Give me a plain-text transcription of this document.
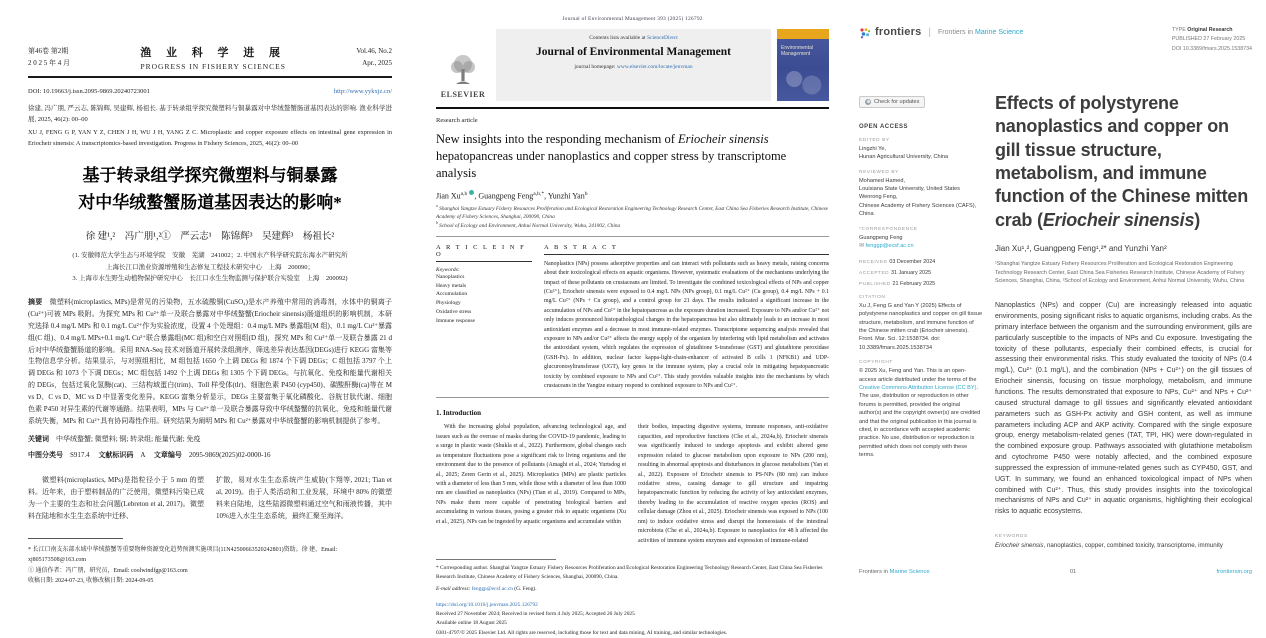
第46卷 第2期
2 0 2 5 年 4 月
渔 业 科 学 进 展
PROGRESS IN FISHERY SCIENCES
Vol.46, No.2
Apr., 2025
DOI: 10.19663/j.issn.2095-9869.20240723001	http://www.yykxjz.cn/
徐建, 冯广朋, 严云志, 陈锦辉, 吴建辉, 杨祖长. 基于转录组学探究微塑料与铜暴露对中华绒螯蟹肠道基因表达的影响. 渔业科学进展, 2025, 46(2): 00–00
XU J, FENG G P, YAN Y Z, CHEN J H, WU J H, YANG Z C. Microplastic and copper exposure effects on intestinal gene expression in Eriocheir sinensis: A transcriptomics-based investigation. Progress in Fishery Sciences, 2025, 46(2): 00–00
基于转录组学探究微塑料与铜暴露
对中华绒螯蟹肠道基因表达的影响*
徐 建¹,²　冯广朋¹,²①　严云志¹　陈锦辉³　吴建辉³　杨祖长²
(1. 安徽师范大学生态与环境学院　安徽　芜湖　241002；2. 中国水产科学研究院东海水产研究所
上海长江口渔业资源增殖和生态修复工程技术研究中心　上海　200090；
3. 上海市水生野生动植物保护研究中心　长江口水生生物监测与保护联合实验室　上海　200092)
摘要　 微塑料(microplastics, MPs)是常见的污染物，五水硫酸铜(CuSO₄)是水产养殖中常用的消毒剂，水体中的铜离子(Cu²⁺)可被 MPs 吸附。为探究 MPs 和 Cu²⁺单一及联合暴露对中华绒螯蟹(Eriocheir sinensis)肠道组织的影响机制，本研究选择 0.4 mg/L MPs 和 0.1 mg/L Cu²⁺作为实验浓度，设置 4 个处理组：0.4 mg/L MPs 暴露组(M 组)、0.1 mg/L Cu²⁺暴露组(C 组)、0.4 mg/L MPs+0.1 mg/L Cu²⁺联合暴露组(MC 组)和空白对照组(D 组)，探究 MPs 和 Cu²⁺单一及联合暴露 21 d 后对中华绒螯蟹肠道的影响。采用 RNA-Seq 技术对肠道开展转录组测序，筛选差异表达基因(DEGs)进行 KEGG 富集等生物信息学分析。结果显示，与对照组相比，M 组包括 1650 个上调 DEGs 和 1874 个下调 DEGs；C 组包括 3797 个上调 DEGs 和 1073 个下调 DEGs；MC 组包括 1492 个上调 DEGs 和 1305 个下调 DEGs。与抗氧化、免疫和能量代谢相关的 DEGs，包括过氧化氢酶(cat)、三结构域蛋白(trim)、Toll 样受体(tlr)、细胞色素 P450 (cyp450)、碳酸酐酶(ca)等在 M vs D、C vs D、MC vs D 中显著变化差异。KEGG 富集分析显示，DEGs 主要富集于氧化磷酸化、谷胱甘肽代谢、细胞色素 P450 对异生素的代谢等通路。结果表明，MPs 与 Cu²⁺单一及联合暴露导致中华绒螯蟹的抗氧化、免疫和能量代谢系统失衡，MPs 和 Cu²⁺具有协同毒性作用。研究结果为阐明 MPs 和 Cu²⁺暴露对中华绒螯蟹的影响机制提供了参考。
关键词　 中华绒螯蟹; 微塑料; 铜; 转录组; 能量代谢; 免疫
中图分类号　 S917.4　 文献标识码　 A　 文章编号　 2095-9869(2025)02-0000-16
微塑料(microplastics, MPs)是指粒径小于 5 mm 的塑料。近年来，由于塑料制品的广泛使用，微塑料污染已成为一个主要的生态和社会问题(Lebreton et al, 2017)。微塑料在陆地和水生生态系统中迁移、
扩散，易对水生生态系统产生威胁(卞翔等, 2021; Tian et al, 2019)。由于人类活动和工业发展，环境中 80% 的微塑料来自陆地，这些陆源微塑料通过空气和雨液传播，其中 10%进入水生生态系统，最终汇聚至海洋。
* 长江口南支东部水域中华绒螯蟹等重要物种资源变化趋势预测实施项目(11N42500663520242801)资助。徐 建，Email: xj805173508@163.com
① 通信作者：冯广朋，研究员，Email: coolwindfgp@163.com
收稿日期: 2024-07-23, 收修改稿日期: 2024-09-05
Journal of Environmental Management 393 (2025) 126792
ELSEVIER
Contents lists available at ScienceDirect
Journal of Environmental Management
journal homepage: www.elsevier.com/locate/jenvman
Environmental Management
Research article
New insights into the responding mechanism of Eriocheir sinensis hepatopancreas under nanoplastics and copper stress by transcriptome analysis
Jian Xu$^{a,b}$ , Guangpeng Feng$^{a,b,*}$, Yunzhi Yan$^b$
$^a$ Shanghai Yangtze Estuary Fishery Resources Proliferation and Ecological Restoration Engineering Technology Research Center, East China Sea Fisheries Research Institute, Chinese Academy of Fishery Sciences, Shanghai, 200090, China
$^b$ School of Ecology and Environment, Anhui Normal University, Wuhu, 241002, China
A R T I C L E I N F O
Keywords:
Nanoplastics
Heavy metals
Accumulation
Physiology
Oxidative stress
Immune response
A B S T R A C T
Nanoplastics (NPs) possess adsorptive properties and can interact with pollutants such as heavy metals, raising concerns about their toxicological effects on aquatic organisms. However, systematic evaluations of the mechanisms underlying the impact of these pollutants on crustaceans are limited. To investigate the combined toxicological effects of NPs and copper (Cu²⁺), Eriocheir sinensis were exposed to 0.4 mg/L NPs (NPs group), 0.1 mg/L Cu²⁺ (Cu group), 0.4 mg/L NPs + 0.1 mg/L Cu²⁺ (NPs + Cu group), and a control group for 21 days. The results indicated a significant increase in the accumulation of NPs and Cu²⁺ in the hepatopancreas as the exposure duration increased. Exposure to NPs and/or Cu²⁺ not only induces pronounced histopathological changes in the hepatopancreas but also ultimately leads to an increase in most antioxidant enzymes and a decrease in most immune-related enzymes. Transcriptome sequencing analysis revealed that exposure to NPs and/or Cu²⁺ affects the energy supply of the organism by interfering with lipid metabolism and activates the antioxidant system, which regulates the expression of glutathione S-transferase (GST) and glutathione peroxidase (GSH-Px). In addition, nuclear factor kappa-light-chain-enhancer of activated B cells 1 (NFKB1) and UDP-glucuronosyltransferase (UGT), key genes in the immune system, play a crucial role in mitigating hepatopancreatic toxicity by combined exposure to NPs and Cu²⁺. This study provides valuable insights into the mechanisms by which crustaceans in the Yangtze estuary respond to combined exposure to NPs and Cu²⁺.
1. Introduction
With the increasing global population, advancing technological age, and issues such as the overuse of masks during the COVID-19 pandemic, leading to a surge in plastic waste (Shukla et al., 2022). Furthermore, global changes such as temperature fluctuations pose a significant risk to living organisms and the environment due to the presence of pollutants (Amaghi et al., 2024; Yurtsdog et al., 2025; Zeren Gerin et al., 2025). Microplastics (MPs) are plastic particles with a diameter of less than 5 mm, while those with a diameter of less than 1000 nm are classified as nanoplastics (NPs) (Tian et al., 2019). Compared to MPs, NPs make them more capable of penetrating biological barriers and accumulating in various tissues, posing a greater risk to aquatic organisms (Xu et al., 2025). NPs can be ingested by aquatic organisms and accumulate within
their bodies, impacting digestive systems, immune responses, anti-oxidative capacities, and reproductive functions (Che et al., 2024a,b). Eriocheir sinensis was significantly induced to undergo apoptosis and exhibit altered gene expression related to glucose metabolism upon exposure to NPs (200 nm), resulting in abnormal apoptosis and disturbances in glucose metabolism (Yan et al., 2022). Exposure of Eriocheir sinensis to PS-NPs (80 nm) can induce oxidative stress, causing damage to gill structure and impairing hepatopancreatic function by reducing the activity of key antioxidant enzymes, thereby leading to the accumulation of reactive oxygen species (ROS) and cellular damage (Zhou et al., 2025). Eriocheir sinensis was exposed to NPs (100 nm) to induce oxidative stress and disrupt the homeostasis of the intestinal microbiota (Che et al., 2024a,b). Exposure to nanoplastics for 48 h affected the activities of immune system enzymes and expression of immune-related
* Corresponding author. Shanghai Yangtze Estuary Fishery Resources Proliferation and Ecological Restoration Engineering Technology Research Center, East China Sea Fisheries Research Institute, Chinese Academy of Fishery Sciences, Shanghai, 200090, China.
E-mail address: fenggp@ecsf.ac.cn (G. Feng).
https://doi.org/10.1016/j.jenvman.2025.126792
Received 27 November 2024; Received in revised form 4 July 2025; Accepted 26 July 2025
Available online 18 August 2025
0301-4797/© 2025 Elsevier Ltd. All rights are reserved, including those for text and data mining, AI training, and similar technologies.
frontiers | Frontiers in Marine Science	TYPE Original Research
PUBLISHED 27 February 2025
DOI 10.3389/fmars.2025.1538734
Check for updates
OPEN ACCESS
EDITED BY
Lingzhi Ye,
Hunan Agricultural University, China
REVIEWED BY
Mohamed Hamed,
Louisiana State University, United States
Wenrong Feng,
Chinese Academy of Fishery Sciences (CAFS), China
*CORRESPONDENCE
Guangpeng Feng
✉ fenggp@ecsf.ac.cn
RECEIVED 03 December 2024
ACCEPTED 31 January 2025
PUBLISHED 21 February 2025
CITATION
Xu J, Feng G and Yan Y (2025) Effects of polystyrene nanoplastics and copper on gill tissue structure, metabolism, and immune function of the Chinese mitten crab (Eriocheir sinensis). Front. Mar. Sci. 12:1538734. doi: 10.3389/fmars.2025.1538734
COPYRIGHT
© 2025 Xu, Feng and Yan. This is an open-access article distributed under the terms of the Creative Commons Attribution License (CC BY). The use, distribution or reproduction in other forums is permitted, provided the original author(s) and the copyright owner(s) are credited and that the original publication in this journal is cited, in accordance with accepted academic practice. No use, distribution or reproduction is permitted which does not comply with these terms.
Effects of polystyrene nanoplastics and copper on gill tissue structure, metabolism, and immune function of the Chinese mitten crab (Eriocheir sinensis)
Jian Xu¹,², Guangpeng Feng¹,²* and Yunzhi Yan²
¹Shanghai Yangtze Estuary Fishery Resources Proliferation and Ecological Restoration Engineering Technology Research Center, East China Sea Fisheries Research Institute, Chinese Academy of Fishery Sciences, Shanghai, China, ²School of Ecology and Environment, Anhui Normal University, Wuhu, China
Nanoplastics (NPs) and copper (Cu) are increasingly released into aquatic environments, posing significant risks to aquatic organisms, including crabs. As the primary interface between the organism and the surrounding environment, gills are particularly susceptible to the impacts of NPs and Cu exposure. Investigating the toxicity of these pollutants, especially their combined effects, is crucial for assessing their environmental risks. This study evaluated the toxicity of NPs (0.4 mg/L), Cu²⁺ (0.1 mg/L), and the combination (NPs + Cu²⁺) on the gill tissues of Eriocheir sinensis, focusing on tissue morphology, metabolism, and immune functions. The results demonstrated that exposure to NPs, Cu²⁺ and NPs + Cu²⁺ caused structural damage to gill tissues and significantly elevated antioxidant parameters such as GSH-Px activity and GSH content, as well as immune parameters including ACP and AKP activity. Compared with the single exposure group, energy metabolism-related genes (TAT, TPI, HK) were down-regulated in the combined exposure group. Pathways associated with glutathione metabolism and cytochrome P450 were notably affected, and the combined exposure suppressed the expression of immune-related genes such as CYP450, GST, and UGT. In summary, we found an enhanced toxicological impact of NPs when combined with Cu²⁺. Thus, this study provides insights into the toxicological mechanisms of NPs and Cu²⁺ in aquatic organisms, highlighting their ecological risks to aquatic ecosystems.
KEYWORDS
Eriocheir sinensis, nanoplastics, copper, combined toxicity, transcriptome, immunity
Frontiers in Marine Science	01	frontiersin.org
